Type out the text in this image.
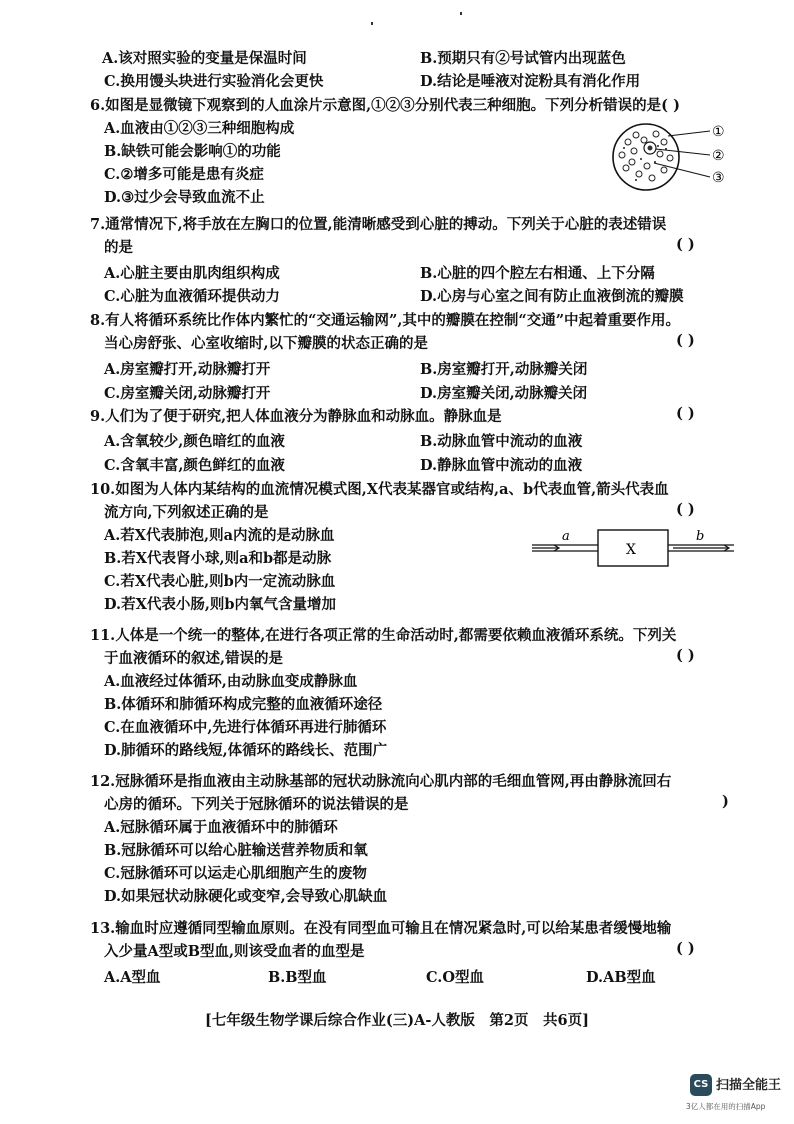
A.该对照实验的变量是保温时间	B.预期只有②号试管内出现蓝色
C.换用馒头块进行实验消化会更快	D.结论是唾液对淀粉具有消化作用
6.如图是显微镜下观察到的人血涂片示意图,①②③分别代表三种细胞。下列分析错误的是( )
A.血液由①②③三种细胞构成
B.缺铁可能会影响①的功能
C.②增多可能是患有炎症
D.③过少会导致血流不止
①
②
③
7.通常情况下,将手放在左胸口的位置,能清晰感受到心脏的搏动。下列关于心脏的表述错误
的是	( )
A.心脏主要由肌肉组织构成	B.心脏的四个腔左右相通、上下分隔
C.心脏为血液循环提供动力	D.心房与心室之间有防止血液倒流的瓣膜
8.有人将循环系统比作体内繁忙的“交通运输网”,其中的瓣膜在控制“交通”中起着重要作用。
当心房舒张、心室收缩时,以下瓣膜的状态正确的是	( )
A.房室瓣打开,动脉瓣打开	B.房室瓣打开,动脉瓣关闭
C.房室瓣关闭,动脉瓣打开	D.房室瓣关闭,动脉瓣关闭
9.人们为了便于研究,把人体血液分为静脉血和动脉血。静脉血是	( )
A.含氧较少,颜色暗红的血液	B.动脉血管中流动的血液
C.含氧丰富,颜色鲜红的血液	D.静脉血管中流动的血液
10.如图为人体内某结构的血流情况模式图,X代表某器官或结构,a、b代表血管,箭头代表血
流方向,下列叙述正确的是
A.若X代表肺泡,则a内流的是动脉血
B.若X代表肾小球,则a和b都是动脉
C.若X代表心脏,则b内一定流动脉血
D.若X代表小肠,则b内氧气含量增加
( )
a
X
b
11.人体是一个统一的整体,在进行各项正常的生命活动时,都需要依赖血液循环系统。下列关
于血液循环的叙述,错误的是
A.血液经过体循环,由动脉血变成静脉血
B.体循环和肺循环构成完整的血液循环途径
C.在血液循环中,先进行体循环再进行肺循环
D.肺循环的路线短,体循环的路线长、范围广
( )
12.冠脉循环是指血液由主动脉基部的冠状动脉流向心肌内部的毛细血管网,再由静脉流回右
心房的循环。下列关于冠脉循环的说法错误的是
A.冠脉循环属于血液循环中的肺循环
B.冠脉循环可以给心脏输送营养物质和氧
C.冠脉循环可以运走心肌细胞产生的废物
D.如果冠状动脉硬化或变窄,会导致心肌缺血
)
13.输血时应遵循同型输血原则。在没有同型血可输且在情况紧急时,可以给某患者缓慢地输
入少量A型或B型血,则该受血者的血型是	( )
A.A型血	B.B型血	C.O型血	D.AB型血
[七年级生物学课后综合作业(三)A-人教版　第2页　共6页]
CS 扫描全能王
3亿人都在用的扫描App
